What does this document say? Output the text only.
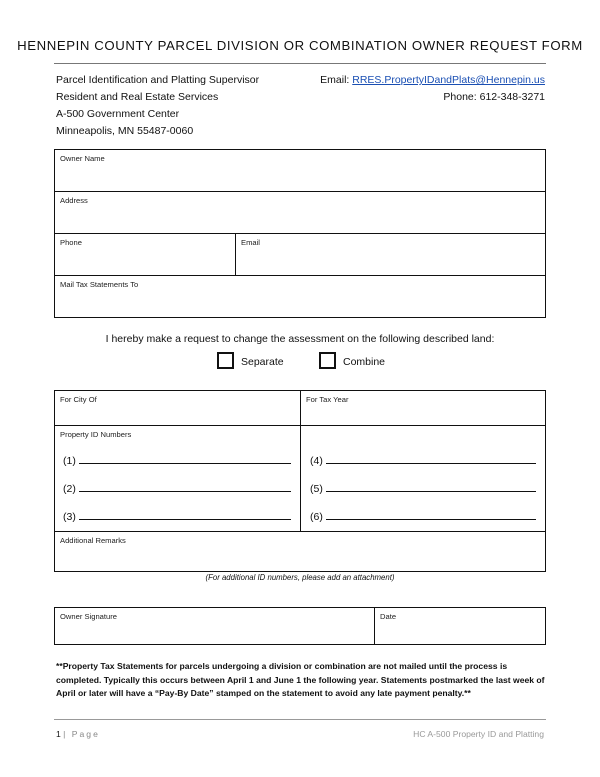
HENNEPIN COUNTY PARCEL DIVISION OR COMBINATION OWNER REQUEST FORM
Parcel Identification and Platting Supervisor
Resident and Real Estate Services
A-500 Government Center
Minneapolis, MN 55487-0060
Email: RRES.PropertyIDandPlats@Hennepin.us
Phone: 612-348-3271
Owner Name
Address
Phone	Email
Mail Tax Statements To
I hereby make a request to change the assessment on the following described land:
Separate	Combine
For City Of	For Tax Year
Property ID Numbers
Additional Remarks
(1)
(2)
(3)
(4)
(5)
(6)
(For additional ID numbers, please add an attachment)
Owner Signature	Date
**Property Tax Statements for parcels undergoing a division or combination are not mailed until the process is completed. Typically this occurs between April 1 and June 1 the following year. Statements postmarked the last week of April or later will have a “Pay-By Date” stamped on the statement to avoid any late payment penalty.**
1 | Page	HC A-500 Property ID and Platting
